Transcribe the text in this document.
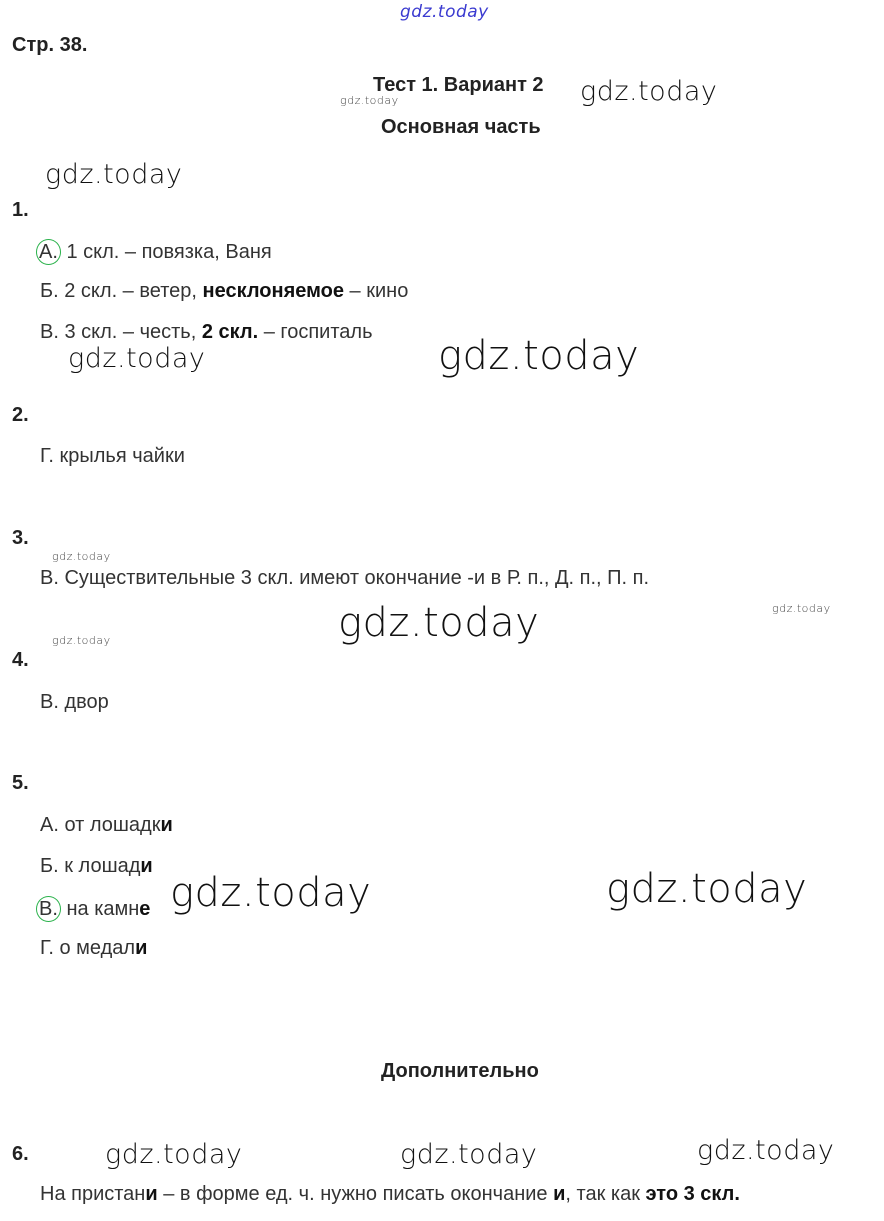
gdz.today
gdz.today	gdz.today
gdz.today
gdz.today	gdz.today
gdz.today
gdz.today
gdz.today
gdz.today
gdz.today	gdz.today
gdz.today	gdz.today	gdz.today
Стр. 38.
Тест 1. Вариант 2
Основная часть
1.
А. 1 скл. – повязка, Ваня
Б. 2 скл. – ветер, несклоняемое – кино
В. 3 скл. – честь, 2 скл. – госпиталь
2.
Г. крылья чайки
3.
В. Существительные 3 скл. имеют окончание -и в Р. п., Д. п., П. п.
4.
В. двор
5.
А. от лошадки
Б. к лошади
В. на камне
Г. о медали
Дополнительно
6.
На пристани – в форме ед. ч. нужно писать окончание и, так как это 3 скл.
